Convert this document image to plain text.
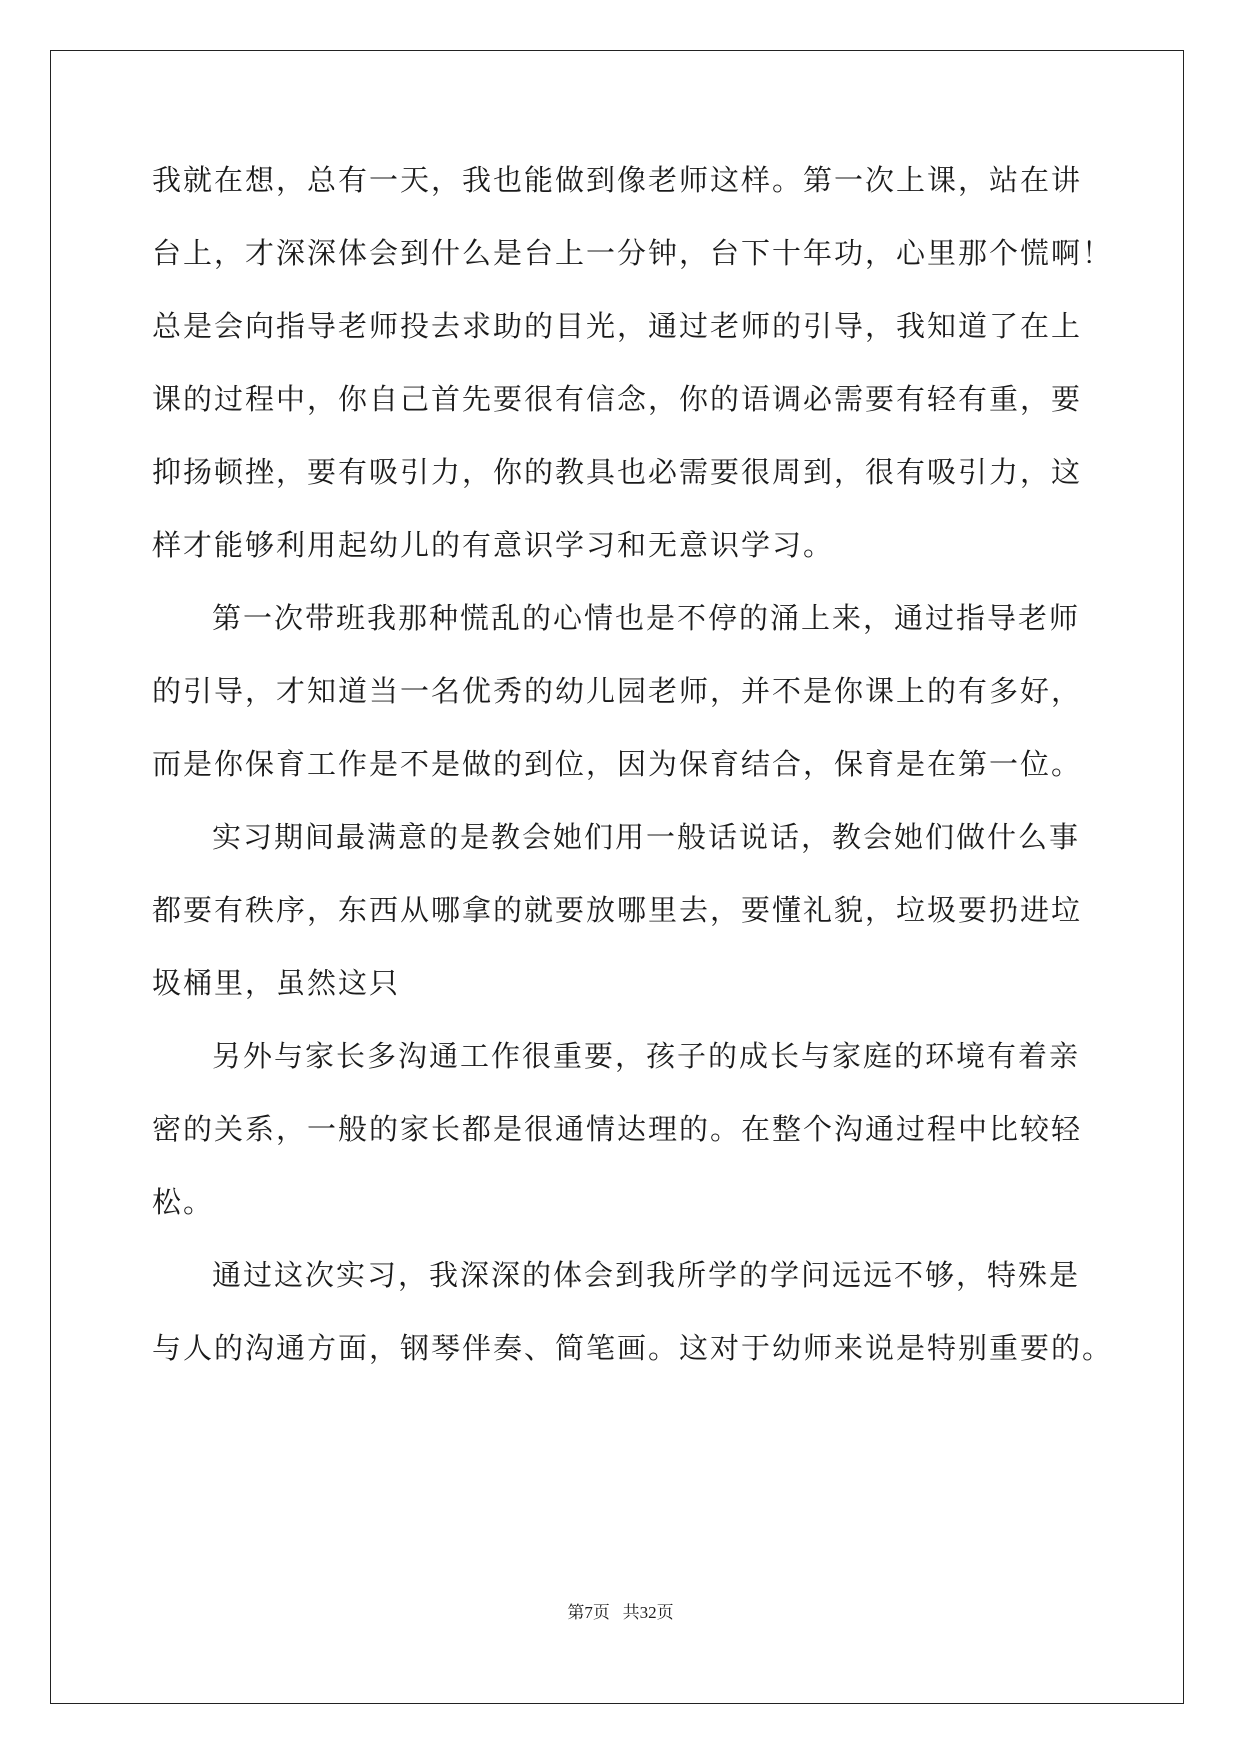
我就在想，总有一天，我也能做到像老师这样。第一次上课，站在讲
台上，才深深体会到什么是台上一分钟，台下十年功，心里那个慌啊！
总是会向指导老师投去求助的目光，通过老师的引导，我知道了在上
课的过程中，你自己首先要很有信念，你的语调必需要有轻有重，要
抑扬顿挫，要有吸引力，你的教具也必需要很周到，很有吸引力，这
样才能够利用起幼儿的有意识学习和无意识学习。
第一次带班我那种慌乱的心情也是不停的涌上来，通过指导老师
的引导，才知道当一名优秀的幼儿园老师，并不是你课上的有多好，
而是你保育工作是不是做的到位，因为保育结合，保育是在第一位。
实习期间最满意的是教会她们用一般话说话，教会她们做什么事
都要有秩序，东西从哪拿的就要放哪里去，要懂礼貌，垃圾要扔进垃
圾桶里，虽然这只
另外与家长多沟通工作很重要，孩子的成长与家庭的环境有着亲
密的关系，一般的家长都是很通情达理的。在整个沟通过程中比较轻
松。
通过这次实习，我深深的体会到我所学的学问远远不够，特殊是
与人的沟通方面，钢琴伴奏、简笔画。这对于幼师来说是特别重要的。
第7页   共32页
